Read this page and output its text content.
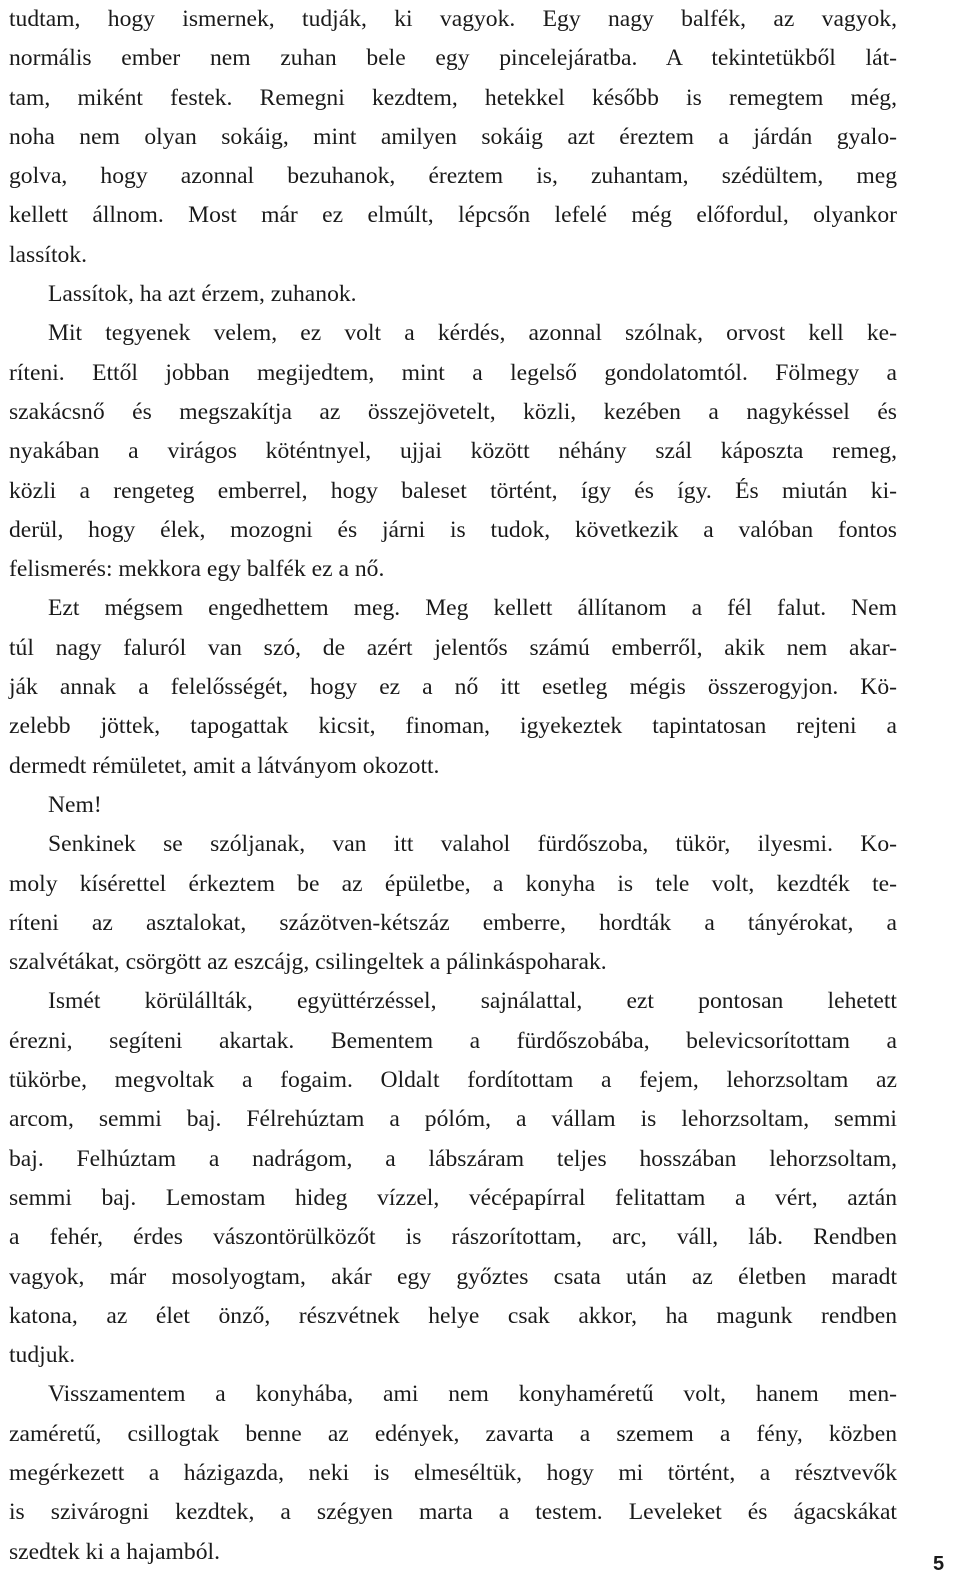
tudtam, hogy ismernek, tudják, ki vagyok. Egy nagy balfék, az vagyok,
normális ember nem zuhan bele egy pincelejáratba. A tekintetükből lát-
tam, miként festek. Remegni kezdtem, hetekkel később is remegtem még,
noha nem olyan sokáig, mint amilyen sokáig azt éreztem a járdán gyalo-
golva, hogy azonnal bezuhanok, éreztem is, zuhantam, szédültem, meg
kellett állnom. Most már ez elmúlt, lépcsőn lefelé még előfordul, olyankor
lassítok.
Lassítok, ha azt érzem, zuhanok.
Mit tegyenek velem, ez volt a kérdés, azonnal szólnak, orvost kell ke-
ríteni. Ettől jobban megijedtem, mint a legelső gondolatomtól. Fölmegy a
szakácsnő és megszakítja az összejövetelt, közli, kezében a nagykéssel és
nyakában a virágos köténtnyel, ujjai között néhány szál káposzta remeg,
közli a rengeteg emberrel, hogy baleset történt, így és így. És miután ki-
derül, hogy élek, mozogni és járni is tudok, következik a valóban fontos
felismerés: mekkora egy balfék ez a nő.
Ezt mégsem engedhettem meg. Meg kellett állítanom a fél falut. Nem
túl nagy faluról van szó, de azért jelentős számú emberről, akik nem akar-
ják annak a felelősségét, hogy ez a nő itt esetleg mégis összerogyjon. Kö-
zelebb jöttek, tapogattak kicsit, finoman, igyekeztek tapintatosan rejteni a
dermedt rémületet, amit a látványom okozott.
Nem!
Senkinek se szóljanak, van itt valahol fürdőszoba, tükör, ilyesmi. Ko-
moly kísérettel érkeztem be az épületbe, a konyha is tele volt, kezdték te-
ríteni az asztalokat, százötven-kétszáz emberre, hordták a tányérokat, a
szalvétákat, csörgött az eszcájg, csilingeltek a pálinkáspoharak.
Ismét körülállták, együttérzéssel, sajnálattal, ezt pontosan lehetett
érezni, segíteni akartak. Bementem a fürdőszobába, belevicsorítottam a
tükörbe, megvoltak a fogaim. Oldalt fordítottam a fejem, lehorzsoltam az
arcom, semmi baj. Félrehúztam a pólóm, a vállam is lehorzsoltam, semmi
baj. Felhúztam a nadrágom, a lábszáram teljes hosszában lehorzsoltam,
semmi baj. Lemostam hideg vízzel, vécépapírral felitattam a vért, aztán
a fehér, érdes vászontörülközőt is rászorítottam, arc, váll, láb. Rendben
vagyok, már mosolyogtam, akár egy győztes csata után az életben maradt
katona, az élet önző, részvétnek helye csak akkor, ha magunk rendben
tudjuk.
Visszamentem a konyhába, ami nem konyhaméretű volt, hanem men-
zaméretű, csillogtak benne az edények, zavarta a szemem a fény, közben
megérkezett a házigazda, neki is elmeséltük, hogy mi történt, a résztvevők
is szivárogni kezdtek, a szégyen marta a testem. Leveleket és ágacskákat
szedtek ki a hajamból.	5
